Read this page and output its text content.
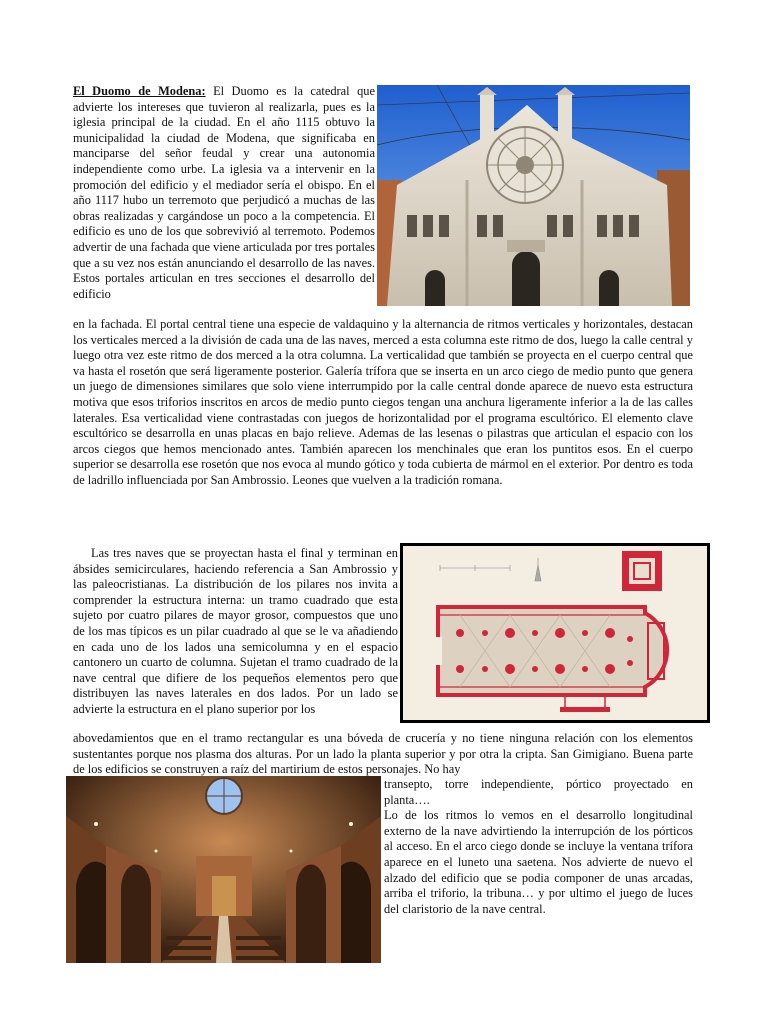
El Duomo de Modena: El Duomo es la catedral que advierte los intereses que tuvieron al realizarla, pues es la iglesia principal de la ciudad. En el año 1115 obtuvo la municipalidad la ciudad de Modena, que significaba en manciparse del señor feudal y crear una autonomia independiente como urbe. La iglesia va a intervenir en la promoción del edificio y el mediador sería el obispo. En el año 1117 hubo un terremoto que perjudicó a muchas de las obras realizadas y cargándose un poco a la competencia. El edificio es uno de los que sobrevivió al terremoto. Podemos advertir de una fachada que viene articulada por tres portales que a su vez nos están anunciando el desarrollo de las naves. Estos portales articulan en tres secciones el desarrollo del edificio

en la fachada. El portal central tiene una especie de valdaquino y la alternancia de ritmos verticales y horizontales, destacan los verticales merced a la división de cada una de las naves, merced a esta columna este ritmo de dos, luego la calle central y luego otra vez este ritmo de dos merced a la otra columna. La verticalidad que también se proyecta en el cuerpo central que va hasta el rosetón que será ligeramente posterior. Galería trífora que se inserta en un arco ciego de medio punto que genera un juego de dimensiones similares que solo viene interrumpido por la calle central donde aparece de nuevo esta estructura motiva que esos triforios inscritos en arcos de medio punto ciegos tengan una anchura ligeramente inferior a la de las calles laterales. Esa verticalidad viene contrastadas con juegos de horizontalidad por el programa escultórico. El elemento clave escultórico se desarrolla en unas placas en bajo relieve. Ademas de las lesenas o pilastras que articulan el espacio con los arcos ciegos que hemos mencionado antes. También aparecen los menchinales que eran los puntitos esos. En el cuerpo superior se desarrolla ese rosetón que nos evoca al mundo gótico y toda cubierta de mármol en el exterior. Por dentro es toda de ladrillo influenciada por San Ambrossio. Leones que vuelven a la tradición romana.

Las tres naves que se proyectan hasta el final y terminan en ábsides semicirculares, haciendo referencia a San Ambrossio y las paleocristianas. La distribución de los pilares nos invita a comprender la estructura interna: un tramo cuadrado que esta sujeto por cuatro pilares de mayor grosor, compuestos que uno de los mas típicos es un pilar cuadrado al que se le va añadiendo en cada uno de los lados una semicolumna y en el espacio cantonero un cuarto de columna. Sujetan el tramo cuadrado de la nave central que difiere de los pequeños elementos pero que distribuyen las naves laterales en dos lados. Por un lado se advierte la estructura en el plano superior por los

abovedamientos que en el tramo rectangular es una bóveda de crucería y no tiene ninguna relación con los elementos sustentantes porque nos plasma dos alturas. Por un lado la planta superior y por otra la cripta. San Gimigiano. Buena parte de los edificios se construyen a raíz del martirium de estos personajes. No hay

transepto, torre independiente, pórtico proyectado en planta….

Lo de los ritmos lo vemos en el desarrollo longitudinal externo de la nave advirtiendo la interrupción de los pórticos al acceso. En el arco ciego donde se incluye la ventana trífora aparece en el luneto una saetena. Nos advierte de nuevo el alzado del edificio que se podia componer de unas arcadas, arriba el triforio, la tribuna… y por ultimo el juego de luces del claristorio de la nave central.
